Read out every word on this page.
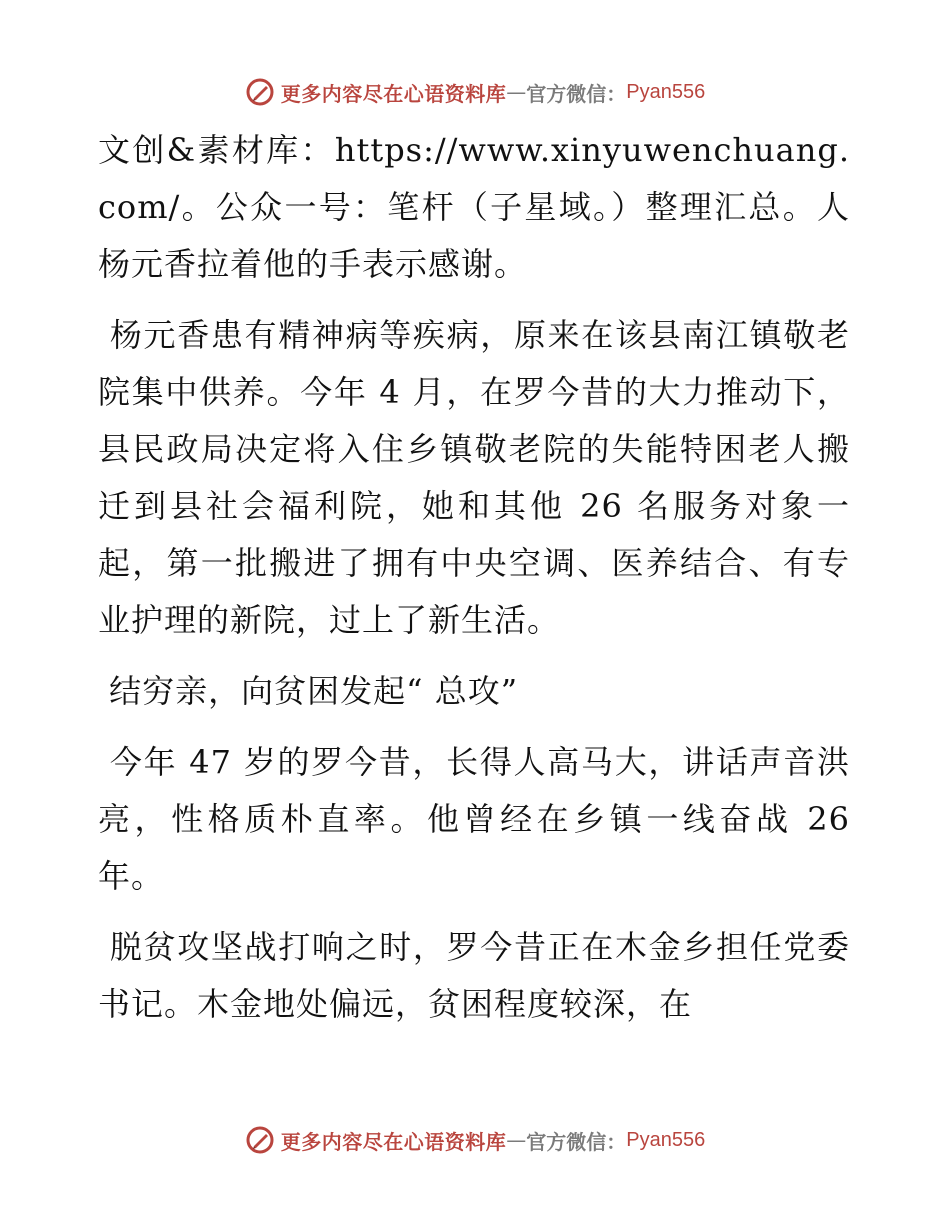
更多内容尽在心语资料库 — 官方微信： Pyan556

文创&素材库：https://www.xinyuwenchuang.com/。公众一号：笔杆（子星域。）整理汇总。人杨元香拉着他的手表示感谢。

杨元香患有精神病等疾病，原来在该县南江镇敬老院集中供养。今年 4 月，在罗今昔的大力推动下，县民政局决定将入住乡镇敬老院的失能特困老人搬迁到县社会福利院，她和其他 26 名服务对象一起，第一批搬进了拥有中央空调、医养结合、有专业护理的新院，过上了新生活。

结穷亲，向贫困发起“ 总攻”

今年 47 岁的罗今昔，长得人高马大，讲话声音洪亮，性格质朴直率。他曾经在乡镇一线奋战 26 年。

脱贫攻坚战打响之时，罗今昔正在木金乡担任党委书记。木金地处偏远，贫困程度较深，在

更多内容尽在心语资料库 — 官方微信： Pyan556
